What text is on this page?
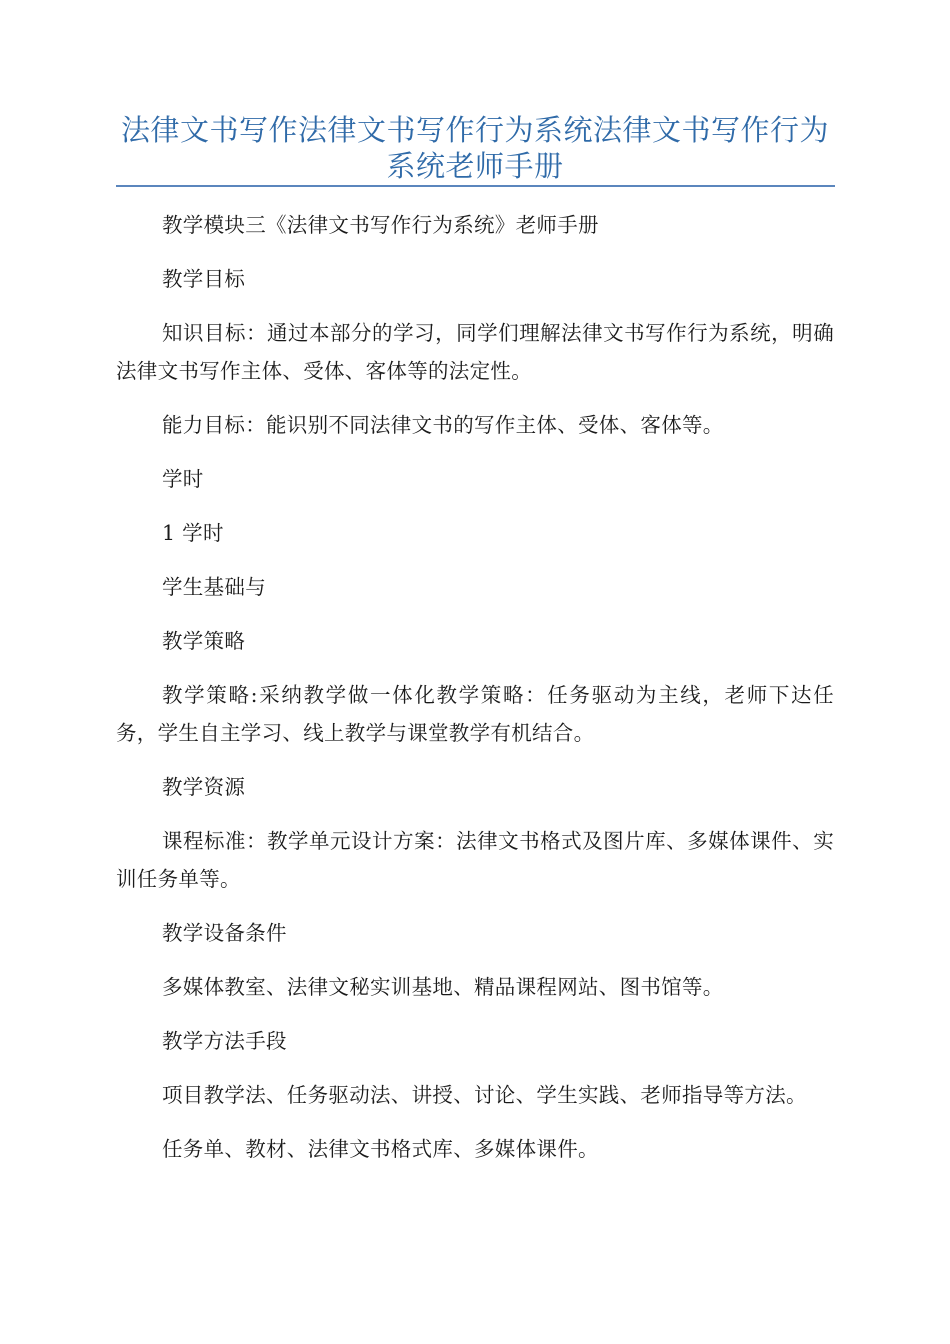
法律文书写作法律文书写作行为系统法律文书写作行为
系统老师手册

教学模块三《法律文书写作行为系统》老师手册

教学目标

知识目标：通过本部分的学习，同学们理解法律文书写作行为系统，明确法律文书写作主体、受体、客体等的法定性。

能力目标：能识别不同法律文书的写作主体、受体、客体等。

学时

1 学时

学生基础与

教学策略

教学策略:采纳教学做一体化教学策略：任务驱动为主线，老师下达任务，学生自主学习、线上教学与课堂教学有机结合。

教学资源

课程标准：教学单元设计方案：法律文书格式及图片库、多媒体课件、实训任务单等。

教学设备条件

多媒体教室、法律文秘实训基地、精品课程网站、图书馆等。

教学方法手段

项目教学法、任务驱动法、讲授、讨论、学生实践、老师指导等方法。

任务单、教材、法律文书格式库、多媒体课件。
